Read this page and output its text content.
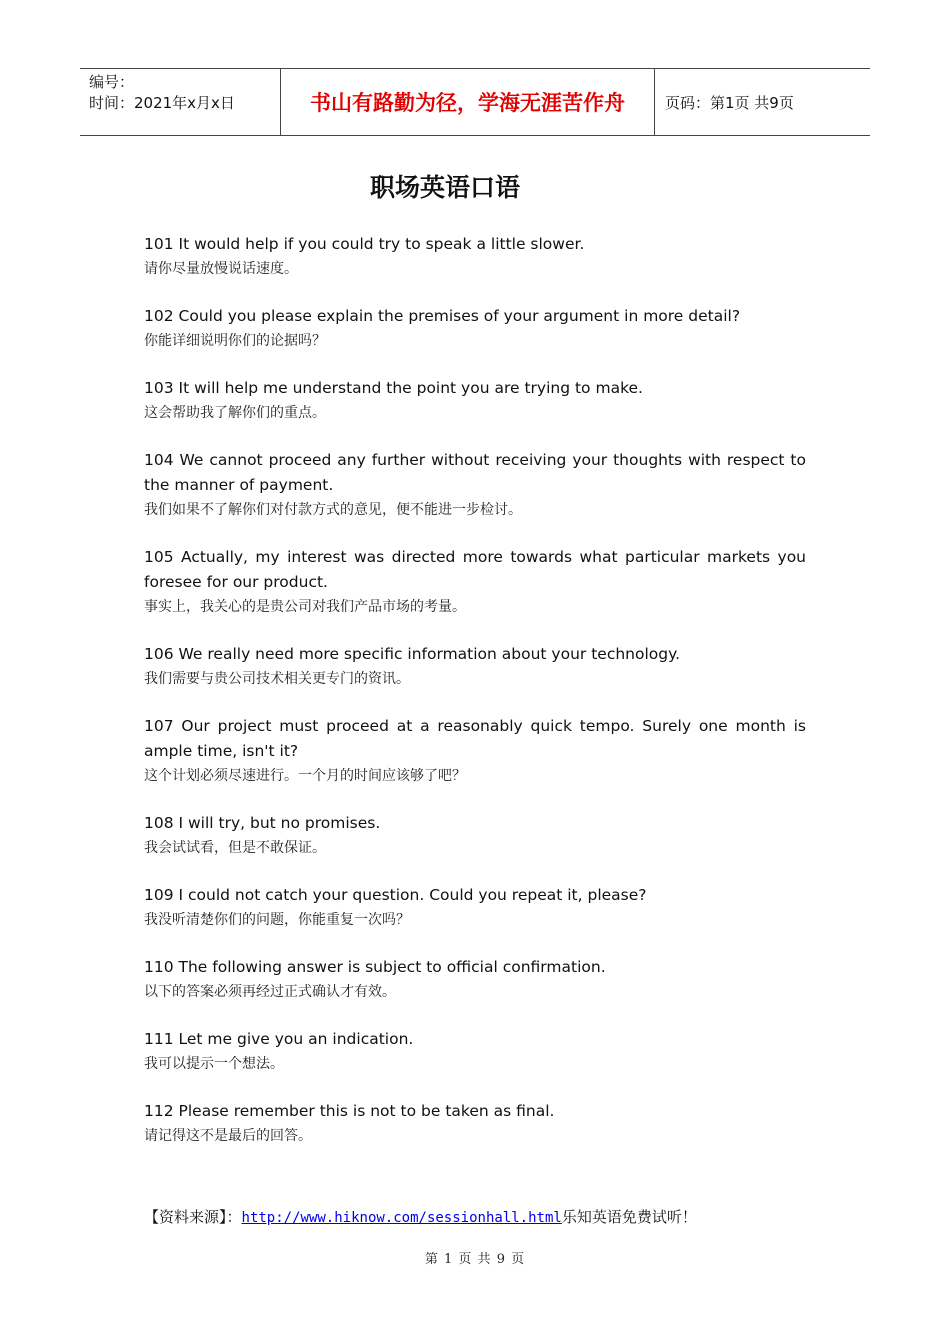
编号：
时间：2021年x月x日	书山有路勤为径，学海无涯苦作舟	页码：第1页 共9页
职场英语口语
101 It would help if you could try to speak a little slower.
请你尽量放慢说话速度。
102 Could you please explain the premises of your argument in more detail?
你能详细说明你们的论据吗？
103 It will help me understand the point you are trying to make.
这会帮助我了解你们的重点。
104 We cannot proceed any further without receiving your thoughts with respect to the manner of payment.
我们如果不了解你们对付款方式的意见，便不能进一步检讨。
105 Actually, my interest was directed more towards what particular markets you foresee for our product.
事实上，我关心的是贵公司对我们产品市场的考量。
106 We really need more specific information about your technology.
我们需要与贵公司技术相关更专门的资讯。
107 Our project must proceed at a reasonably quick tempo. Surely one month is ample time, isn't it?
这个计划必须尽速进行。一个月的时间应该够了吧？
108 I will try, but no promises.
我会试试看，但是不敢保证。
109 I could not catch your question. Could you repeat it, please?
我没听清楚你们的问题，你能重复一次吗？
110 The following answer is subject to official confirmation.
以下的答案必须再经过正式确认才有效。
111 Let me give you an indication.
我可以提示一个想法。
112 Please remember this is not to be taken as final.
请记得这不是最后的回答。
【资料来源】：http://www.hiknow.com/sessionhall.html乐知英语免费试听！
第 1 页 共 9 页
